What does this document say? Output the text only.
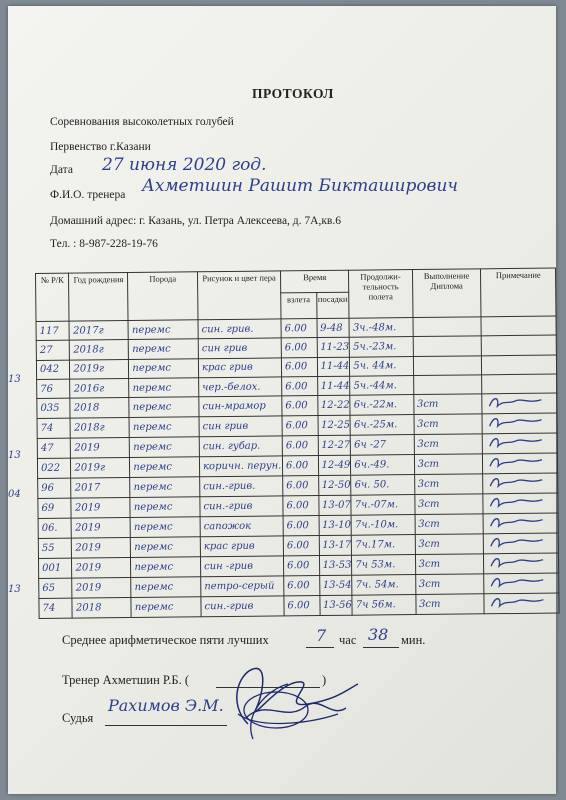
ПРОТОКОЛ
Соревнования высоколетных голубей
Первенство г.Казани
Дата 27 июня 2020 год.
Ф.И.О. тренера Ахметшин Рашит Бикташирович
Домашний адрес: г. Казань, ул. Петра Алексеева, д. 7А,кв.6
Тел. : 8-987-228-19-76
13
13
04
13
№ Р/К	Год рождения	Порода	Рисунок и цвет пера	Время		Продолжи-тельность полета	Выполнение Диплома	Примечание
				взлета	посадки			
117	2017г	перемс	син. грив.	6.00	9-48	3ч.-48м.		
27	2018г	перемс	син грив	6.00	11-23	5ч.-23м.		
042	2019г	перемс	крас грив	6.00	11-44	5ч. 44м.		
76	2016г	перемс	чер.-белох.	6.00	11-44	5ч.-44м.		
035	2018	перемс	син-мрамор	6.00	12-22	6ч.-22м.	3ст	
74	2018г	перемс	син грив	6.00	12-25	6ч.-25м.	3ст	
47	2019	перемс	син. губар.	6.00	12-27	6ч -27	3ст	
022	2019г	перемс	коричн. перун.	6.00	12-49	6ч.-49.	3ст	
96	2017	перемс	син.-грив.	6.00	12-50	6ч. 50.	3ст	
69	2019	перемс	син.-грив	6.00	13-07	7ч.-07м.	3ст	
06.	2019	перемс	сапожок	6.00	13-10	7ч.-10м.	3ст	
55	2019	перемс	крас грив	6.00	13-17	7ч.17м.	3ст	
001	2019	перемс	син -грив	6.00	13-53	7ч 53м.	3ст	
65	2019	перемс	петро-серый	6.00	13-54	7ч. 54м.	3ст	
74	2018	перемс	син.-грив	6.00	13-56	7ч 56м.	3ст	
Среднее арифметическое пяти лучших	7 час 38 мин.
Тренер Ахметшин Р.Б. (	)
Судья
Рахимов Э.М.
